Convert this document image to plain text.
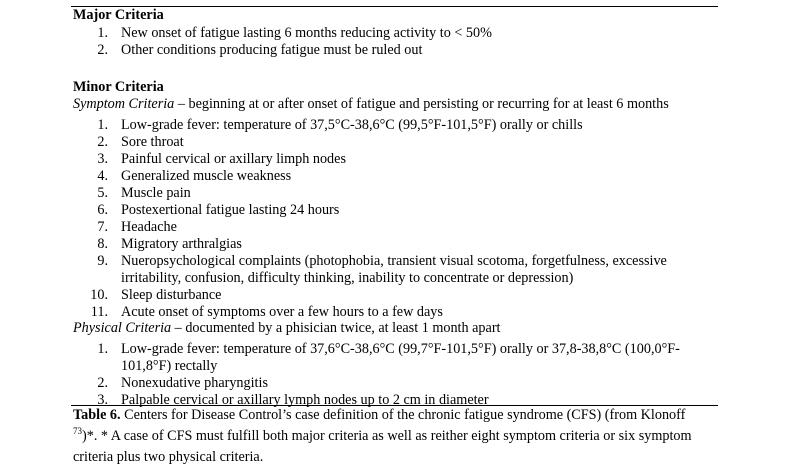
Major Criteria
1. New onset of fatigue lasting 6 months reducing activity to < 50%
2. Other conditions producing fatigue must be ruled out
Minor Criteria
Symptom Criteria – beginning at or after onset of fatigue and persisting or recurring for at least 6 months
1. Low-grade fever: temperature of 37,5°C-38,6°C (99,5°F-101,5°F) orally or chills
2. Sore throat
3. Painful cervical or axillary limph nodes
4. Generalized muscle weakness
5. Muscle pain
6. Postexertional fatigue lasting 24 hours
7. Headache
8. Migratory arthralgias
9. Nueropsychological complaints (photophobia, transient visual scotoma, forgetfulness, excessive
irritability, confusion, difficulty thinking, inability to concentrate or depression)
10. Sleep disturbance
11. Acute onset of symptoms over a few hours to a few days
Physical Criteria – documented by a phisician twice, at least 1 month apart
1. Low-grade fever: temperature of 37,6°C-38,6°C (99,7°F-101,5°F) orally or 37,8-38,8°C (100,0°F-
101,8°F) rectally
2. Nonexudative pharyngitis
3. Palpable cervical or axillary lymph nodes up to 2 cm in diameter
Table 6. Centers for Disease Control’s case definition of the chronic fatigue syndrome (CFS) (from Klonoff
$^{73}$)*. * A case of CFS must fulfill both major criteria as well as reither eight symptom criteria or six symptom criteria plus two physical criteria.
